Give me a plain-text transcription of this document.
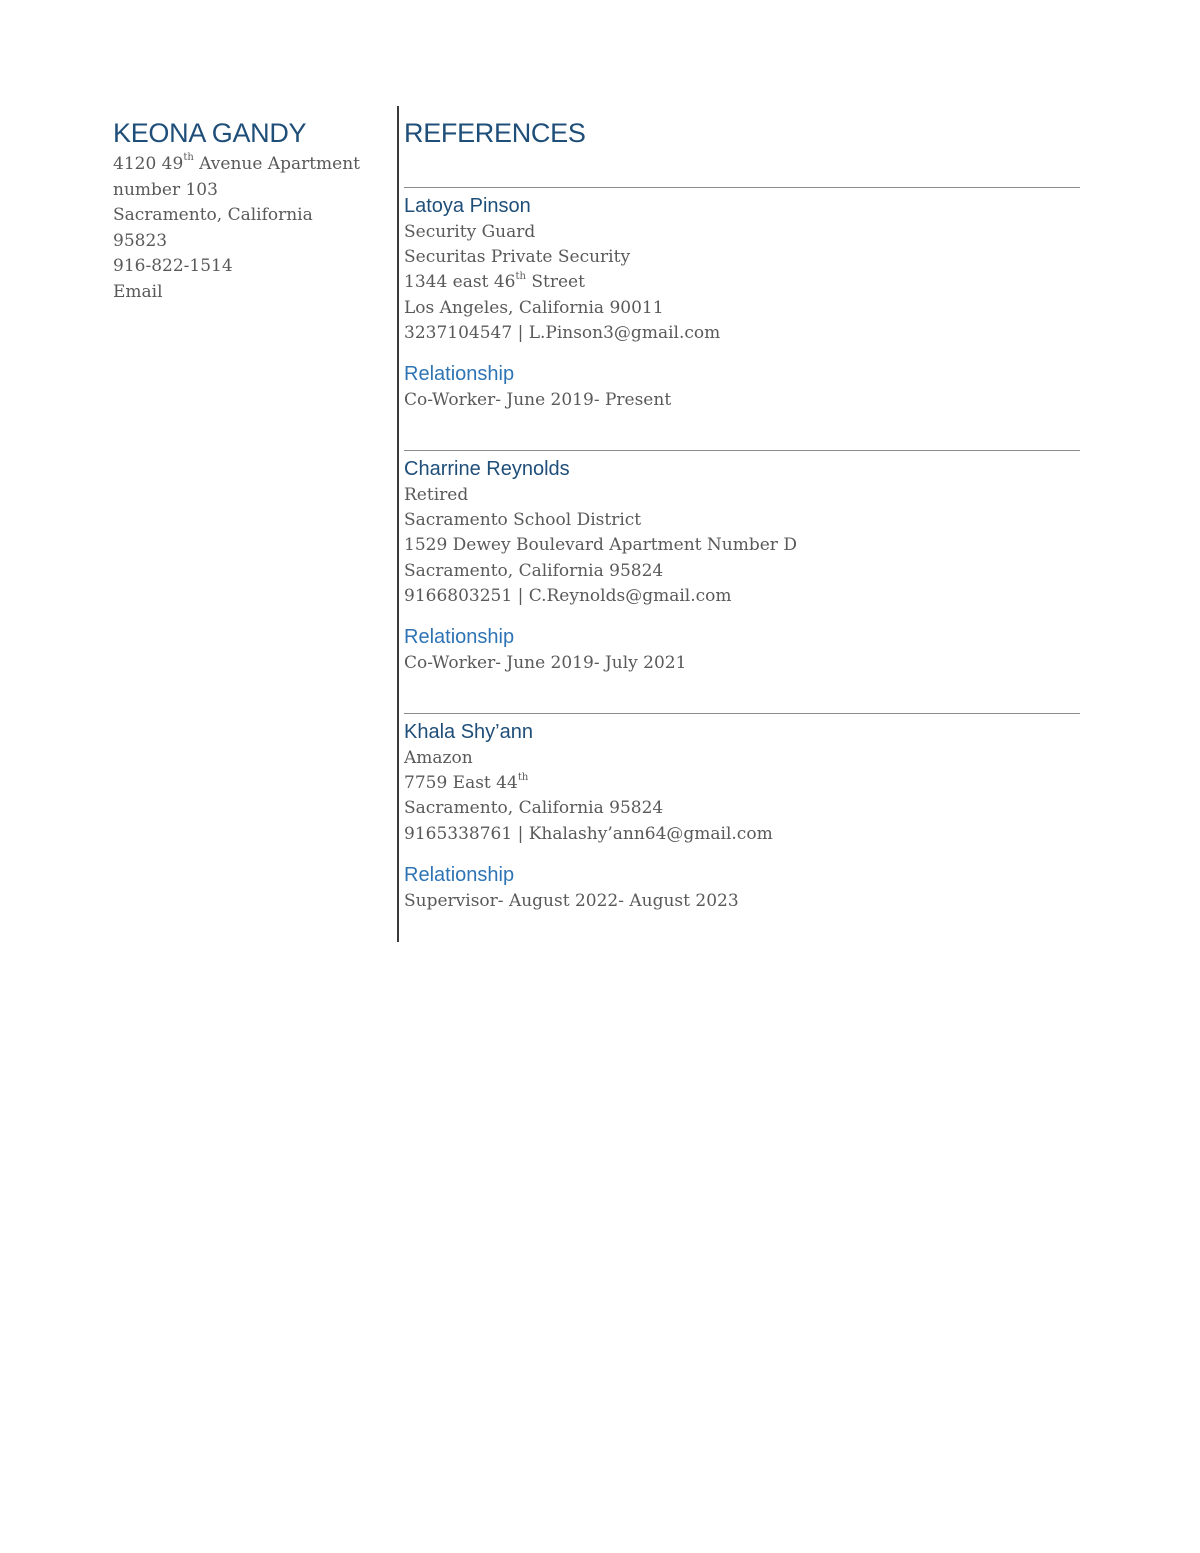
KEONA GANDY
4120 49th Avenue Apartment
number 103
Sacramento, California
95823
916-822-1514
Email
REFERENCES
Latoya Pinson
Security Guard
Securitas Private Security
1344 east 46th Street
Los Angeles, California 90011
3237104547 | L.Pinson3@gmail.com
Relationship
Co-Worker- June 2019- Present
Charrine Reynolds
Retired
Sacramento School District
1529 Dewey Boulevard Apartment Number D
Sacramento, California 95824
9166803251 | C.Reynolds@gmail.com
Relationship
Co-Worker- June 2019- July 2021
Khala Shy’ann
Amazon
7759 East 44th
Sacramento, California 95824
9165338761 | Khalashy’ann64@gmail.com
Relationship
Supervisor- August 2022- August 2023
